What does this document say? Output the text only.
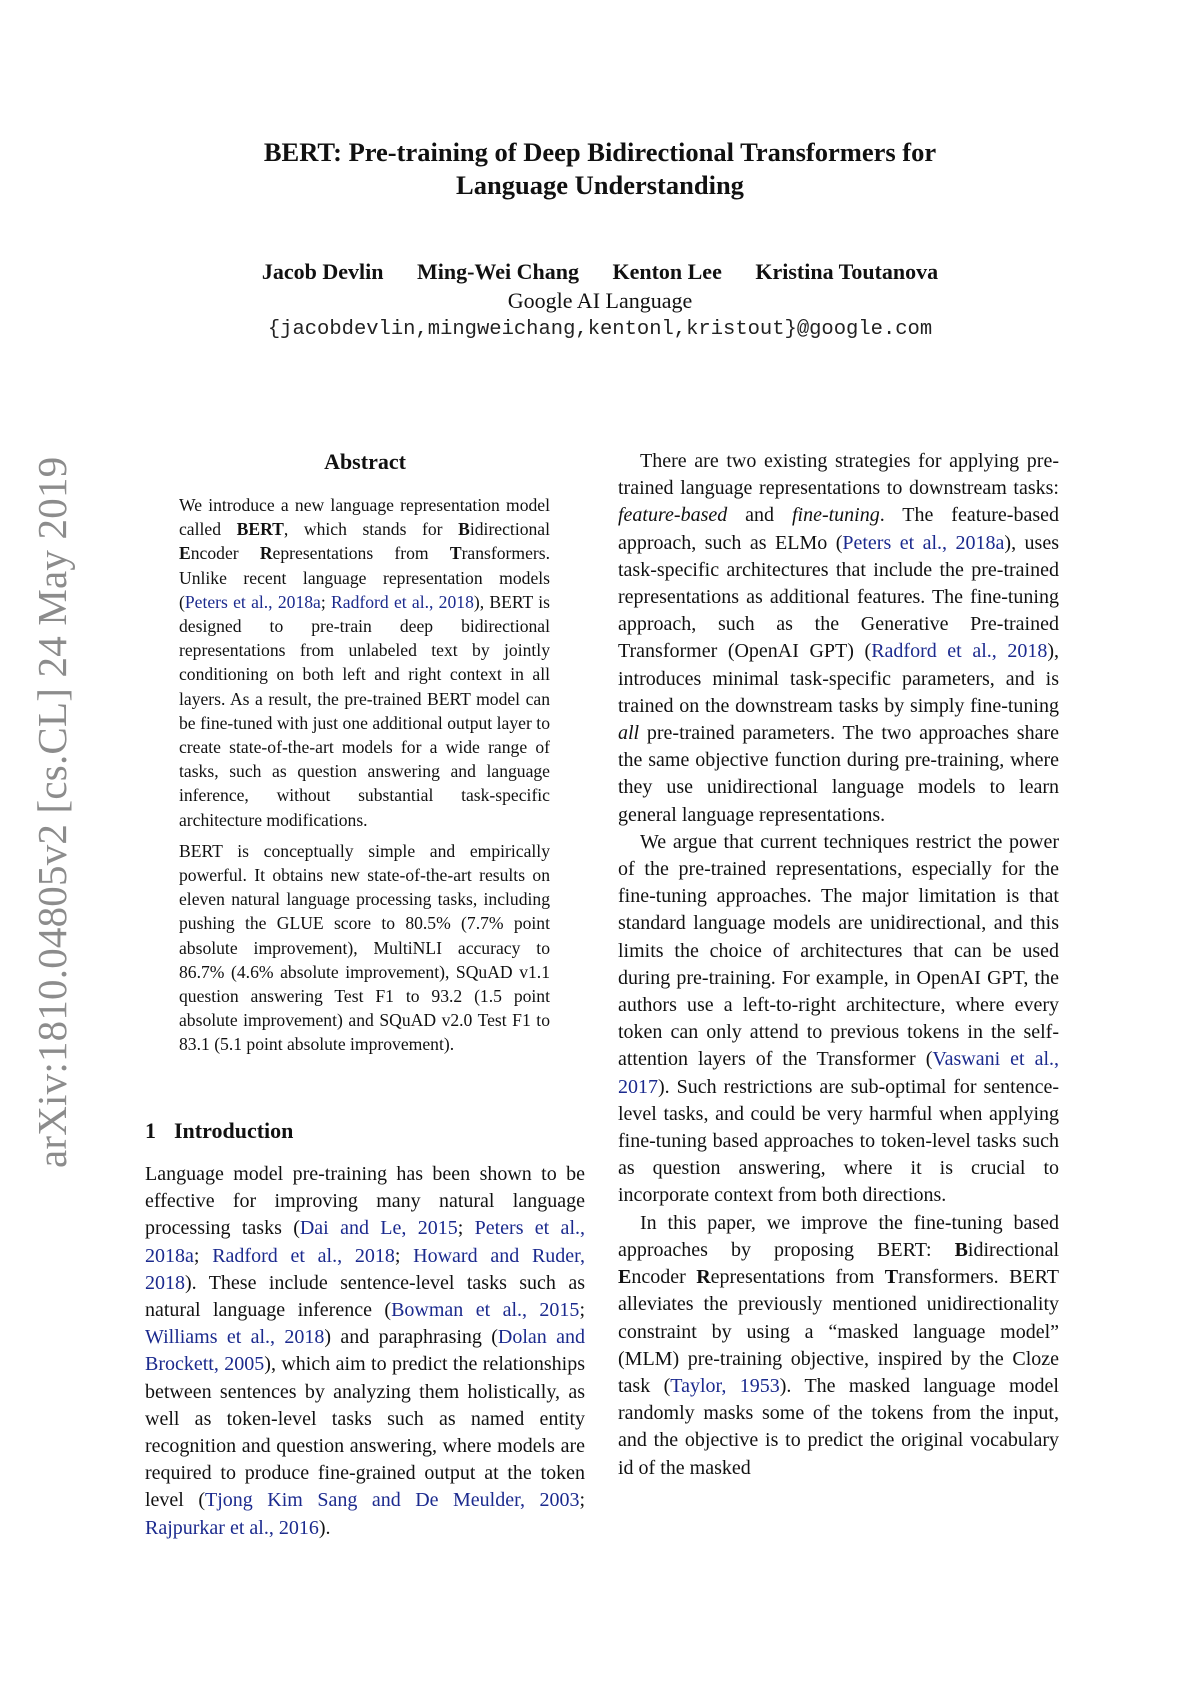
arXiv:1810.04805v2 [cs.CL] 24 May 2019
BERT: Pre-training of Deep Bidirectional Transformers for
Language Understanding
Jacob Devlin Ming-Wei Chang Kenton Lee Kristina Toutanova
Google AI Language
{jacobdevlin,mingweichang,kentonl,kristout}@google.com
Abstract

We introduce a new language representation model called BERT, which stands for Bidirectional Encoder Representations from Transformers. Unlike recent language representation models (Peters et al., 2018a; Radford et al., 2018), BERT is designed to pre-train deep bidirectional representations from unlabeled text by jointly conditioning on both left and right context in all layers. As a result, the pre-trained BERT model can be fine-tuned with just one additional output layer to create state-of-the-art models for a wide range of tasks, such as question answering and language inference, without substantial task-specific architecture modifications.

BERT is conceptually simple and empirically powerful. It obtains new state-of-the-art results on eleven natural language processing tasks, including pushing the GLUE score to 80.5% (7.7% point absolute improvement), MultiNLI accuracy to 86.7% (4.6% absolute improvement), SQuAD v1.1 question answering Test F1 to 93.2 (1.5 point absolute improvement) and SQuAD v2.0 Test F1 to 83.1 (5.1 point absolute improvement).

1 Introduction

Language model pre-training has been shown to be effective for improving many natural language processing tasks (Dai and Le, 2015; Peters et al., 2018a; Radford et al., 2018; Howard and Ruder, 2018). These include sentence-level tasks such as natural language inference (Bowman et al., 2015; Williams et al., 2018) and paraphrasing (Dolan and Brockett, 2005), which aim to predict the relationships between sentences by analyzing them holistically, as well as token-level tasks such as named entity recognition and question answering, where models are required to produce fine-grained output at the token level (Tjong Kim Sang and De Meulder, 2003; Rajpurkar et al., 2016).

There are two existing strategies for applying pre-trained language representations to downstream tasks: feature-based and fine-tuning. The feature-based approach, such as ELMo (Peters et al., 2018a), uses task-specific architectures that include the pre-trained representations as additional features. The fine-tuning approach, such as the Generative Pre-trained Transformer (OpenAI GPT) (Radford et al., 2018), introduces minimal task-specific parameters, and is trained on the downstream tasks by simply fine-tuning all pre-trained parameters. The two approaches share the same objective function during pre-training, where they use unidirectional language models to learn general language representations.

We argue that current techniques restrict the power of the pre-trained representations, especially for the fine-tuning approaches. The major limitation is that standard language models are unidirectional, and this limits the choice of architectures that can be used during pre-training. For example, in OpenAI GPT, the authors use a left-to-right architecture, where every token can only attend to previous tokens in the self-attention layers of the Transformer (Vaswani et al., 2017). Such restrictions are sub-optimal for sentence-level tasks, and could be very harmful when applying fine-tuning based approaches to token-level tasks such as question answering, where it is crucial to incorporate context from both directions.

In this paper, we improve the fine-tuning based approaches by proposing BERT: Bidirectional Encoder Representations from Transformers. BERT alleviates the previously mentioned unidirectionality constraint by using a “masked language model” (MLM) pre-training objective, inspired by the Cloze task (Taylor, 1953). The masked language model randomly masks some of the tokens from the input, and the objective is to predict the original vocabulary id of the masked
